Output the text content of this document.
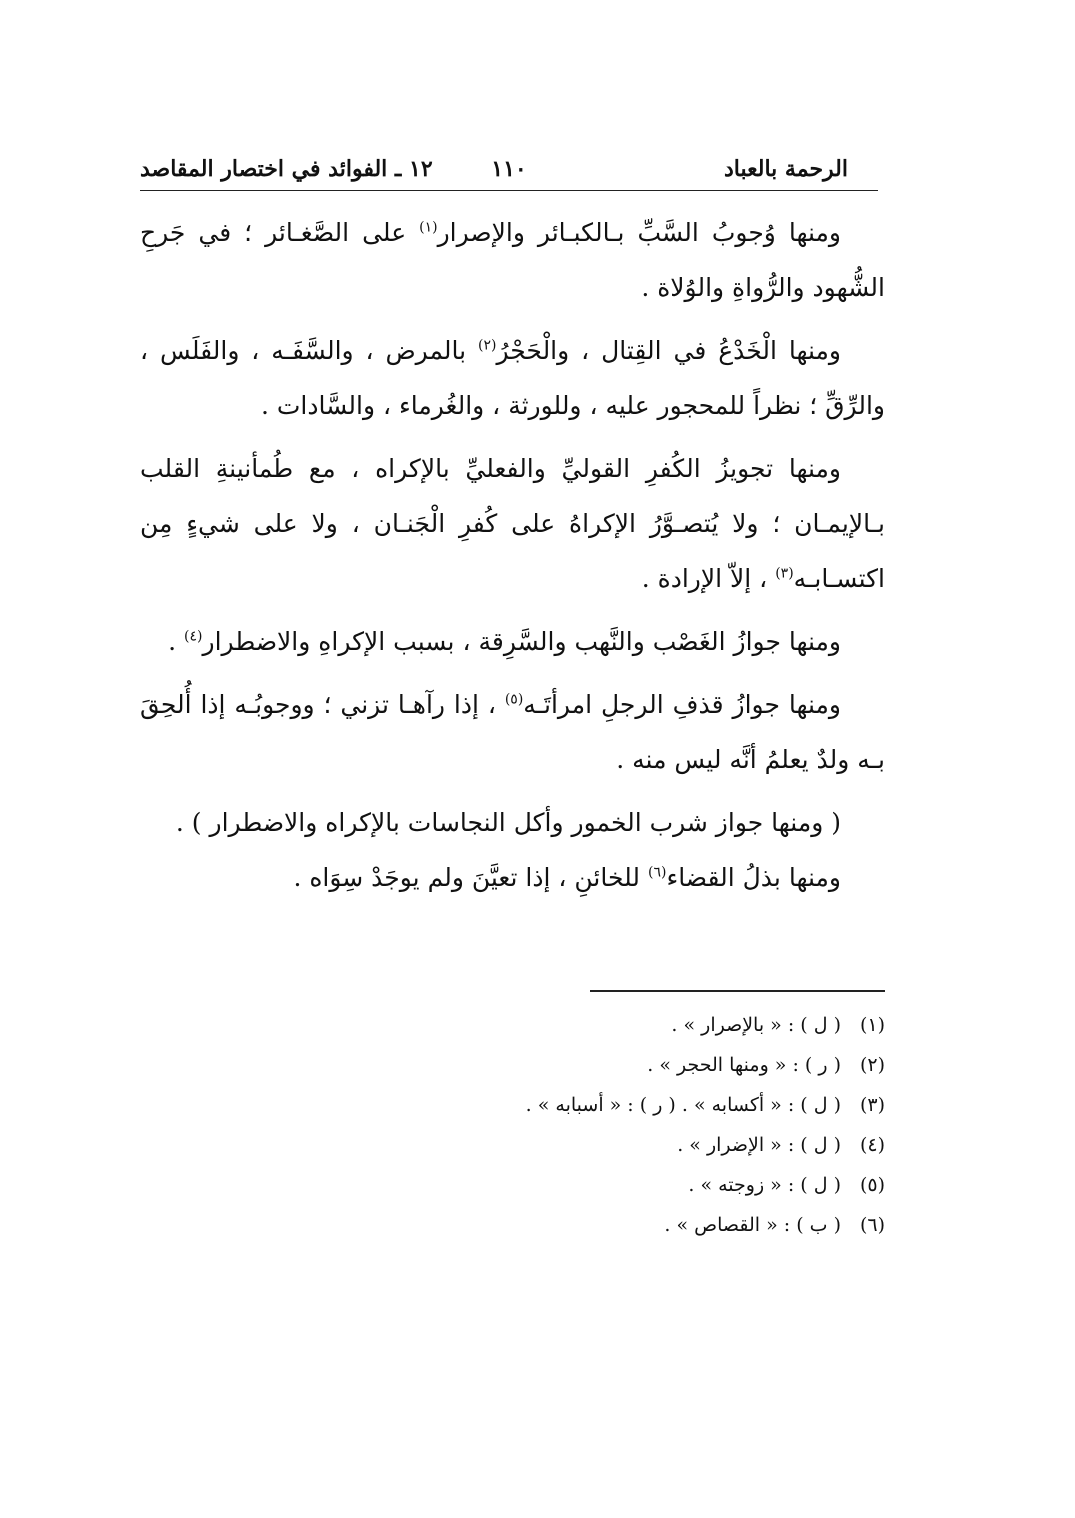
الرحمة بالعباد
١١٠
١٢ ـ الفوائد في اختصار المقاصد

ومنها وُجوبُ السَّبِّ بـالكبـائر والإصرار$^{(١)}$ على الصَّغـائر ؛ في جَرحِ الشُّهود والرُّواةِ والوُلاة .

ومنها الْخَدْعُ في القِتال ، والْحَجْرُ$^{(٢)}$ بالمرض ، والسَّفَـه ، والفَلَس ، والرِّقِّ ؛ نظراً للمحجور عليه ، وللورثة ، والغُرماء ، والسَّادات .

ومنها تجويزُ الكُفرِ القوليِّ والفعليِّ بالإكراه ، مع طُمأنينةِ القلب بـالإيمـان ؛ ولا يُتصـوَّرُ الإكراهُ على كُفرِ الْجَنـان ، ولا على شيءٍ مِن اكتسـابـه$^{(٣)}$ ، إلاّ الإرادة .

ومنها جوازُ الغَصْب والنَّهب والسَّرِقة ، بسبب الإكراهِ والاضطرار$^{(٤)}$ .

ومنها جوازُ قذفِ الرجلِ امرأتَـه$^{(٥)}$ ، إذا رآهـا تزني ؛ ووجوبُـه إذا أُلحِقَ بـه ولدٌ يعلمُ أنَّه ليس منه .

( ومنها جواز شرب الخمور وأكل النجاسات بالإكراه والاضطرار ) .

ومنها بذلُ القضاء$^{(٦)}$ للخائنِ ، إذا تعيَّنَ ولم يوجَدْ سِوَاه .

(١)( ل ) : « بالإصرار » .
(٢)( ر ) : « ومنها الحجر » .
(٣)( ل ) : « أكسابه » . ( ر ) : « أسبابه » .
(٤)( ل ) : « الإضرار » .
(٥)( ل ) : « زوجته » .
(٦)( ب ) : « القصاص » .
